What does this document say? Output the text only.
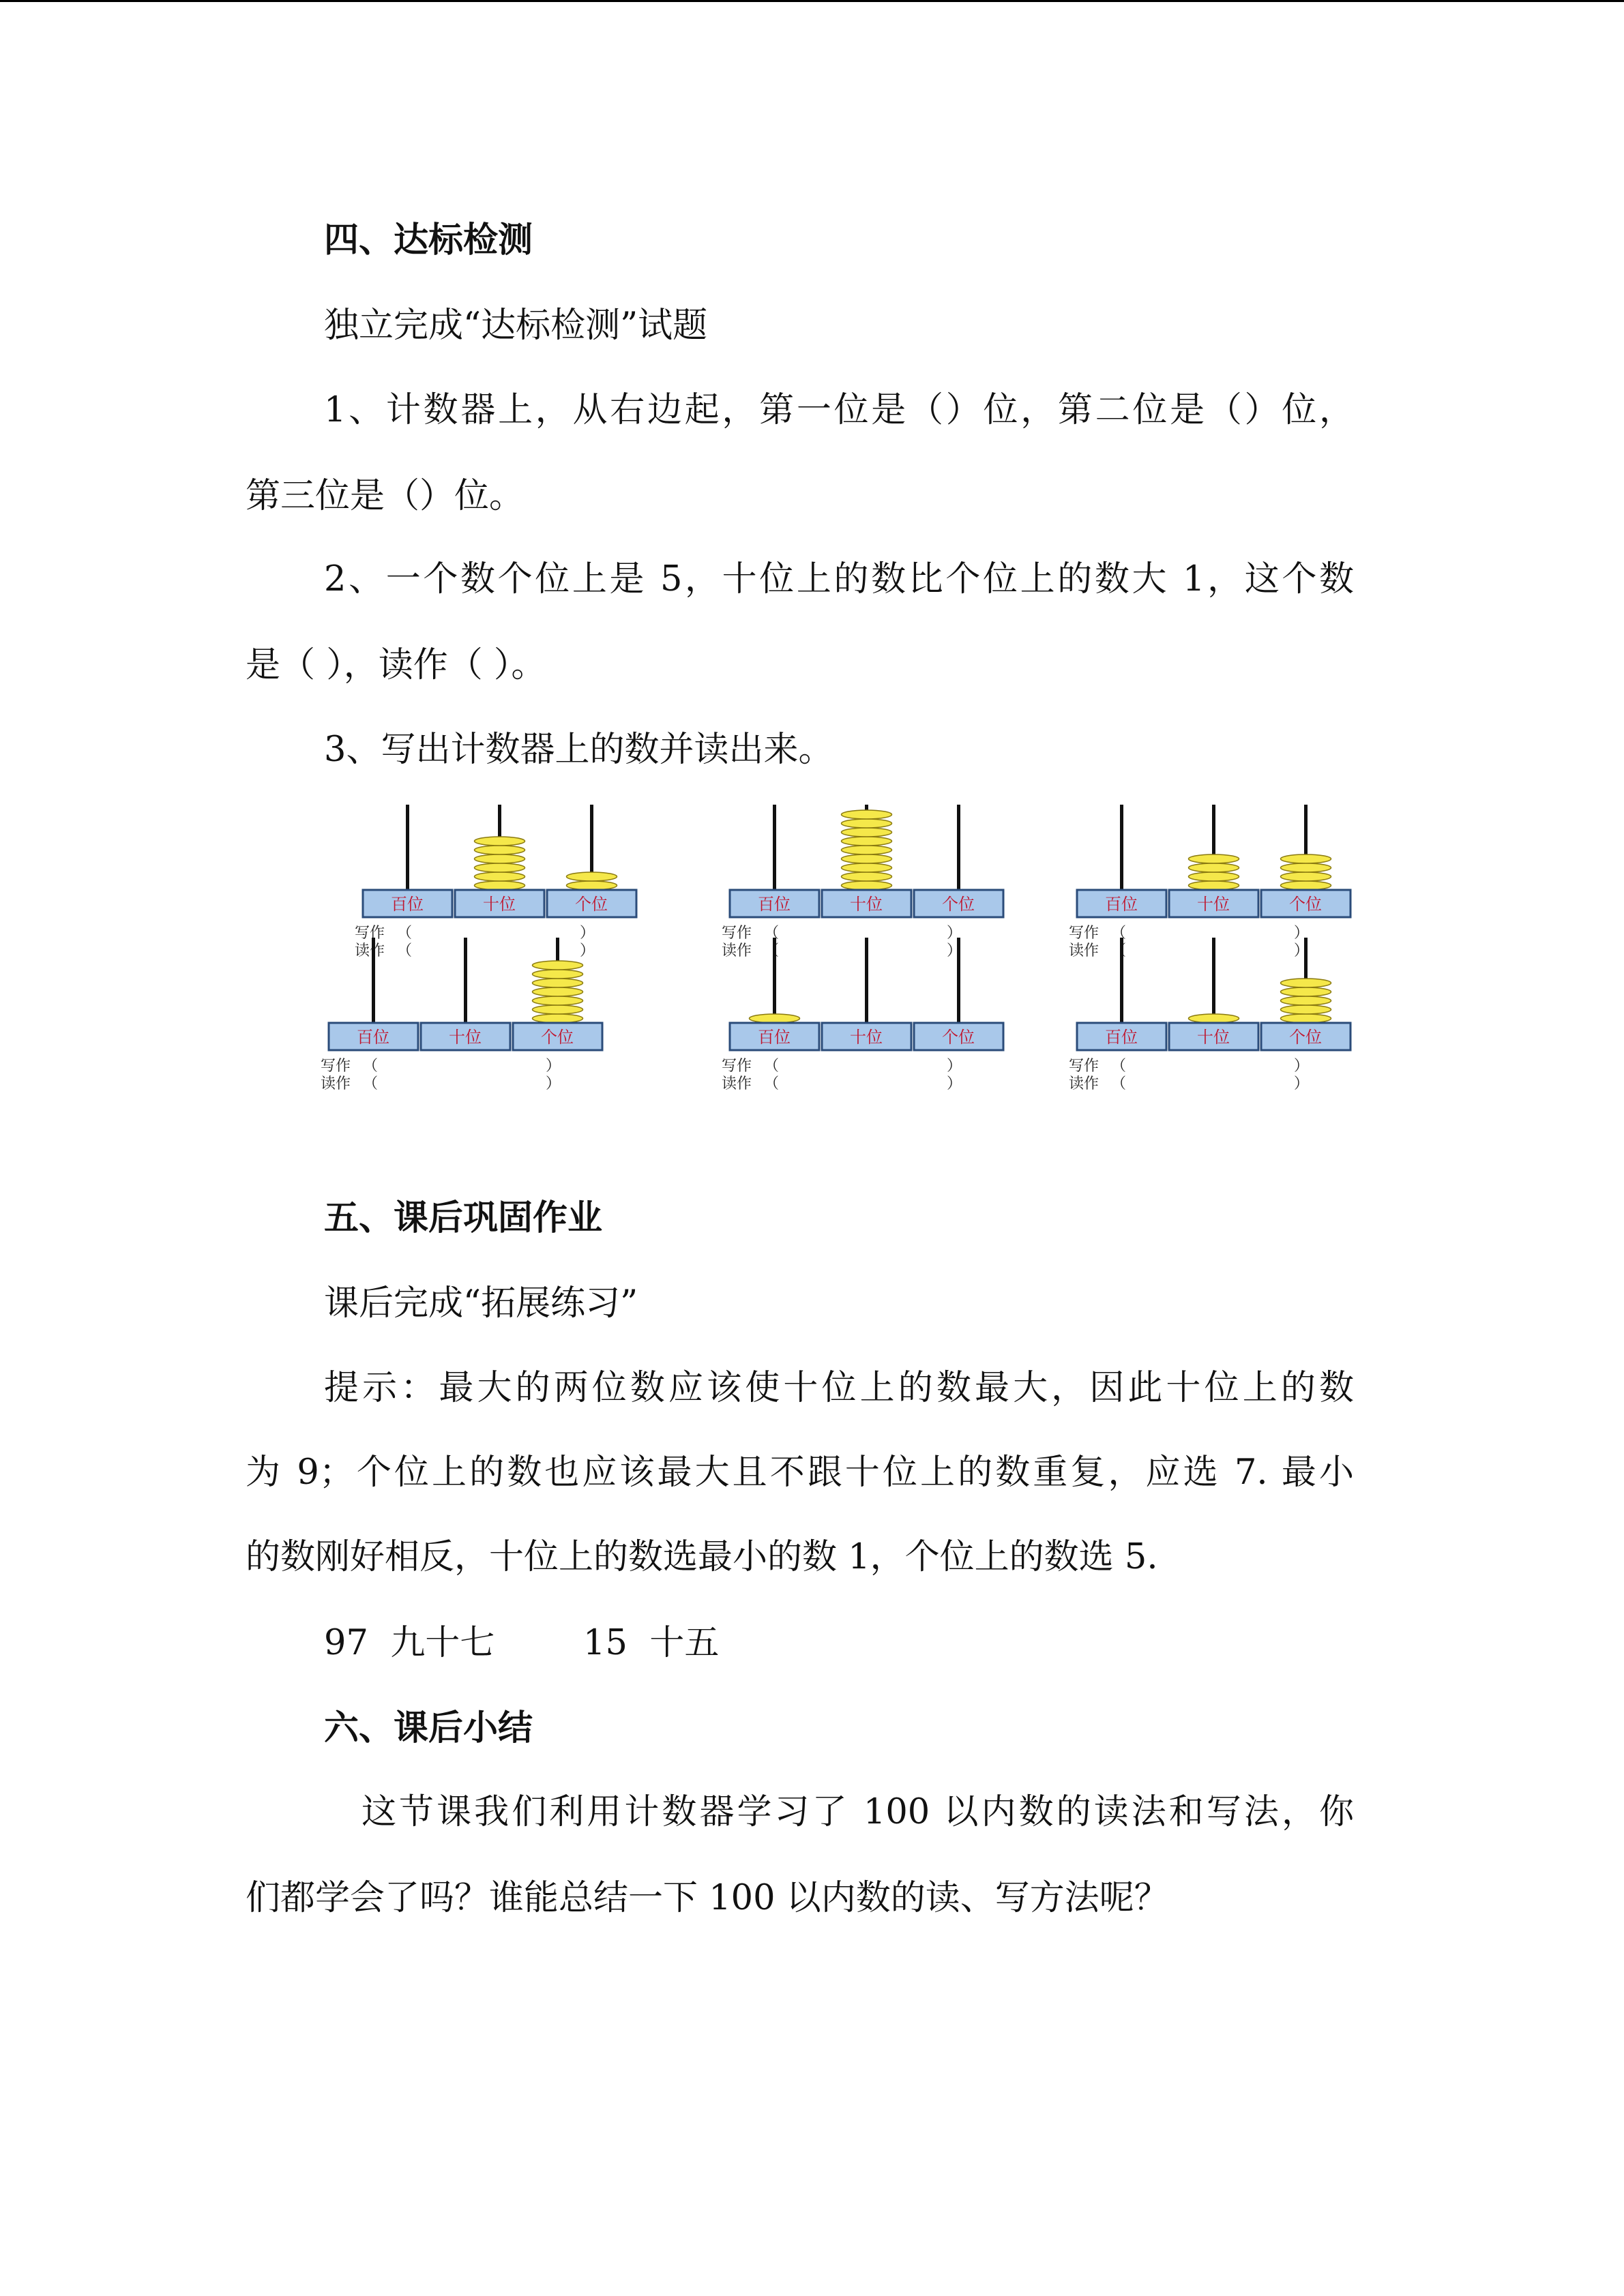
四、达标检测
独立完成“达标检测”试题
1、计数器上，从右边起，第一位是（）位，第二位是（）位，
第三位是（）位。
2、一个数个位上是 5，十位上的数比个位上的数大 1，这个数
是（ ），读作（ ）。
3、写出计数器上的数并读出来。
五、课后巩固作业
课后完成“拓展练习”
提示：最大的两位数应该使十位上的数最大，因此十位上的数
为 9；个位上的数也应该最大且不跟十位上的数重复，应选 7. 最小
的数刚好相反，十位上的数选最小的数 1，个位上的数选 5.
97  九十七        15  十五
六、课后小结
这节课我们利用计数器学习了 100 以内数的读法和写法，你
们都学会了吗？谁能总结一下 100 以内数的读、写方法呢？
百位	十位	个位
写作 （	）
读作 （	）
百位	十位	个位
写作 （	）
读作 （	）
百位	十位	个位
写作 （	）
读作 （	）
百位	十位	个位
写作 （	）
读作 （	）
百位	十位	个位
写作 （	）
读作 （	）
百位	十位	个位
写作 （	）
读作 （	）
